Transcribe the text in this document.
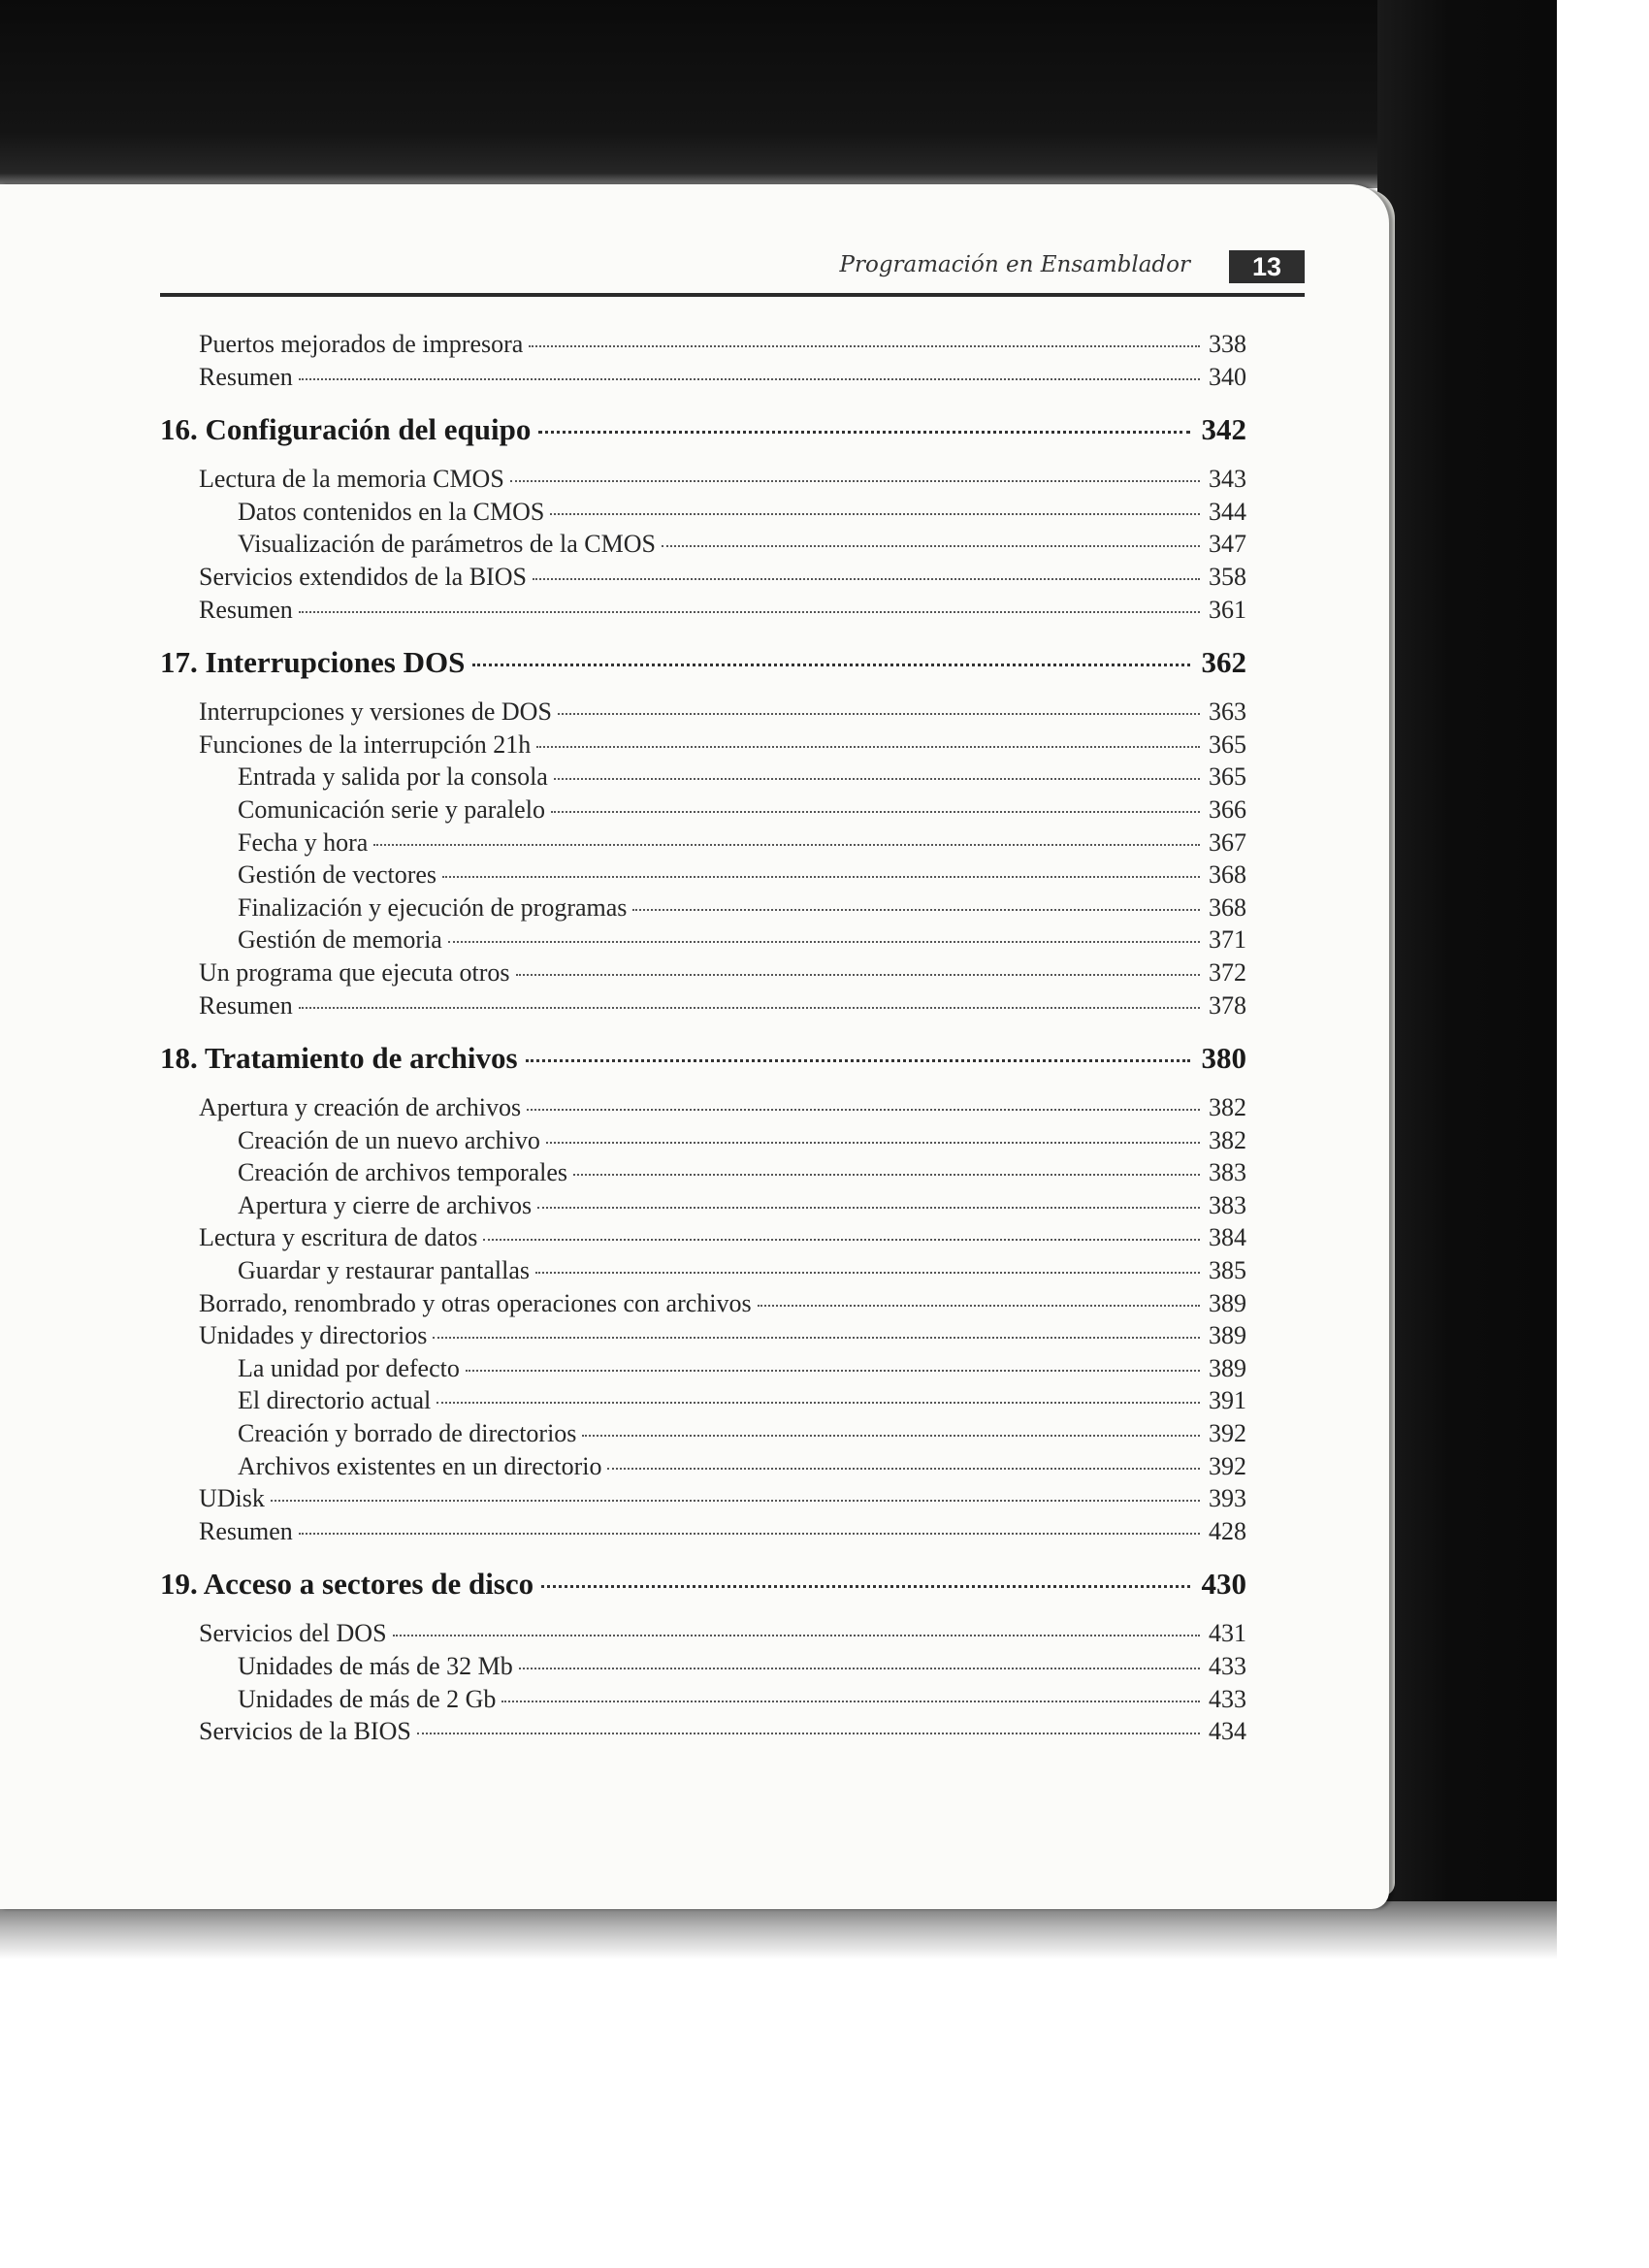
Programación en Ensamblador	13
Puertos mejorados de impresora	338
Resumen	340
16. Configuración del equipo	342
Lectura de la memoria CMOS	343
Datos contenidos en la CMOS	344
Visualización de parámetros de la CMOS	347
Servicios extendidos de la BIOS	358
Resumen	361
17. Interrupciones DOS	362
Interrupciones y versiones de DOS	363
Funciones de la interrupción 21h	365
Entrada y salida por la consola	365
Comunicación serie y paralelo	366
Fecha y hora	367
Gestión de vectores	368
Finalización y ejecución de programas	368
Gestión de memoria	371
Un programa que ejecuta otros	372
Resumen	378
18. Tratamiento de archivos	380
Apertura y creación de archivos	382
Creación de un nuevo archivo	382
Creación de archivos temporales	383
Apertura y cierre de archivos	383
Lectura y escritura de datos	384
Guardar y restaurar pantallas	385
Borrado, renombrado y otras operaciones con archivos	389
Unidades y directorios	389
La unidad por defecto	389
El directorio actual	391
Creación y borrado de directorios	392
Archivos existentes en un directorio	392
UDisk	393
Resumen	428
19. Acceso a sectores de disco	430
Servicios del DOS	431
Unidades de más de 32 Mb	433
Unidades de más de 2 Gb	433
Servicios de la BIOS	434
